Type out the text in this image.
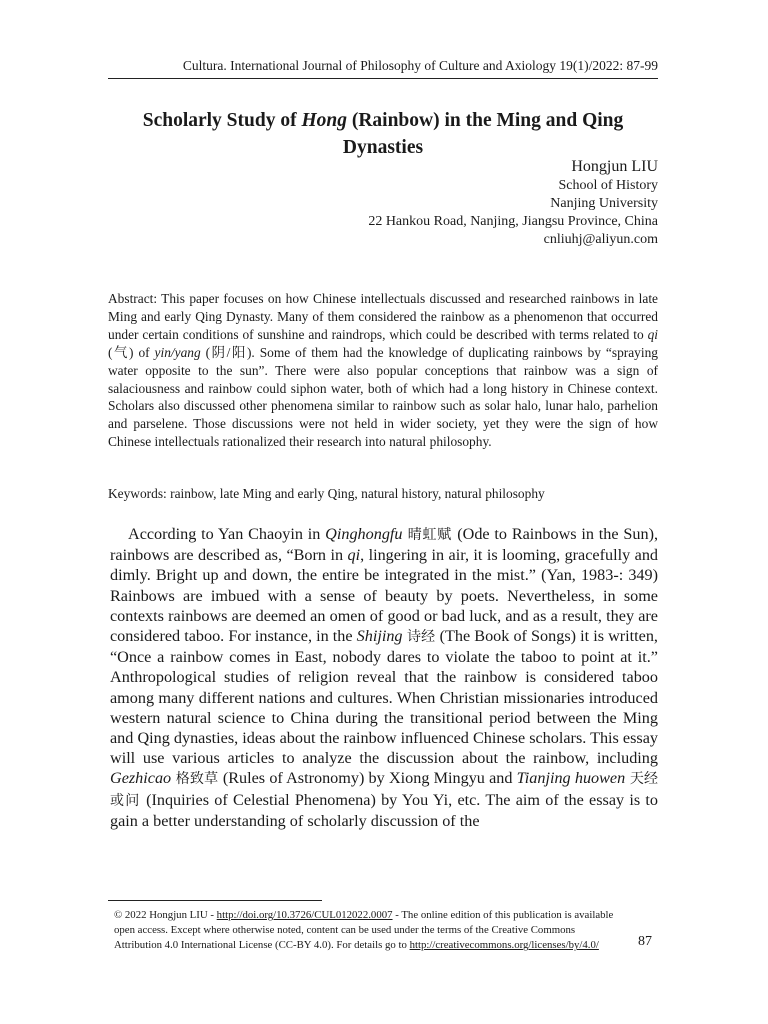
Cultura. International Journal of Philosophy of Culture and Axiology 19(1)/2022: 87-99
Scholarly Study of Hong (Rainbow) in the Ming and Qing Dynasties
Hongjun LIU
School of History
Nanjing University
22 Hankou Road, Nanjing, Jiangsu Province, China
cnliuhj@aliyun.com
Abstract: This paper focuses on how Chinese intellectuals discussed and researched rainbows in late Ming and early Qing Dynasty. Many of them considered the rainbow as a phenomenon that occurred under certain conditions of sunshine and raindrops, which could be described with terms related to qi (气) of yin/yang (阴/阳). Some of them had the knowledge of duplicating rainbows by “spraying water opposite to the sun”. There were also popular conceptions that rainbow was a sign of salaciousness and rainbow could siphon water, both of which had a long history in Chinese context. Scholars also discussed other phenomena similar to rainbow such as solar halo, lunar halo, parhelion and parselene. Those discussions were not held in wider society, yet they were the sign of how Chinese intellectuals rationalized their research into natural philosophy.
Keywords: rainbow, late Ming and early Qing, natural history, natural philosophy

According to Yan Chaoyin in Qinghongfu 晴虹赋 (Ode to Rainbows in the Sun), rainbows are described as, “Born in qi, lingering in air, it is looming, gracefully and dimly. Bright up and down, the entire be integrated in the mist.” (Yan, 1983-: 349) Rainbows are imbued with a sense of beauty by poets. Nevertheless, in some contexts rainbows are deemed an omen of good or bad luck, and as a result, they are considered taboo. For instance, in the Shijing 诗经 (The Book of Songs) it is written, “Once a rainbow comes in East, nobody dares to violate the taboo to point at it.” Anthropological studies of religion reveal that the rainbow is considered taboo among many different nations and cultures. When Christian missionaries introduced western natural science to China during the transitional period between the Ming and Qing dynasties, ideas about the rainbow influenced Chinese scholars. This essay will use various articles to analyze the discussion about the rainbow, including Gezhicao 格致草 (Rules of Astronomy) by Xiong Mingyu and Tianjing huowen 天经或问 (Inquiries of Celestial Phenomena) by You Yi, etc. The aim of the essay is to gain a better understanding of scholarly discussion of the

© 2022 Hongjun LIU - http://doi.org/10.3726/CUL012022.0007 - The online edition of this publication is available open access. Except where otherwise noted, content can be used under the terms of the Creative Commons Attribution 4.0 International License (CC-BY 4.0). For details go to http://creativecommons.org/licenses/by/4.0/	87
